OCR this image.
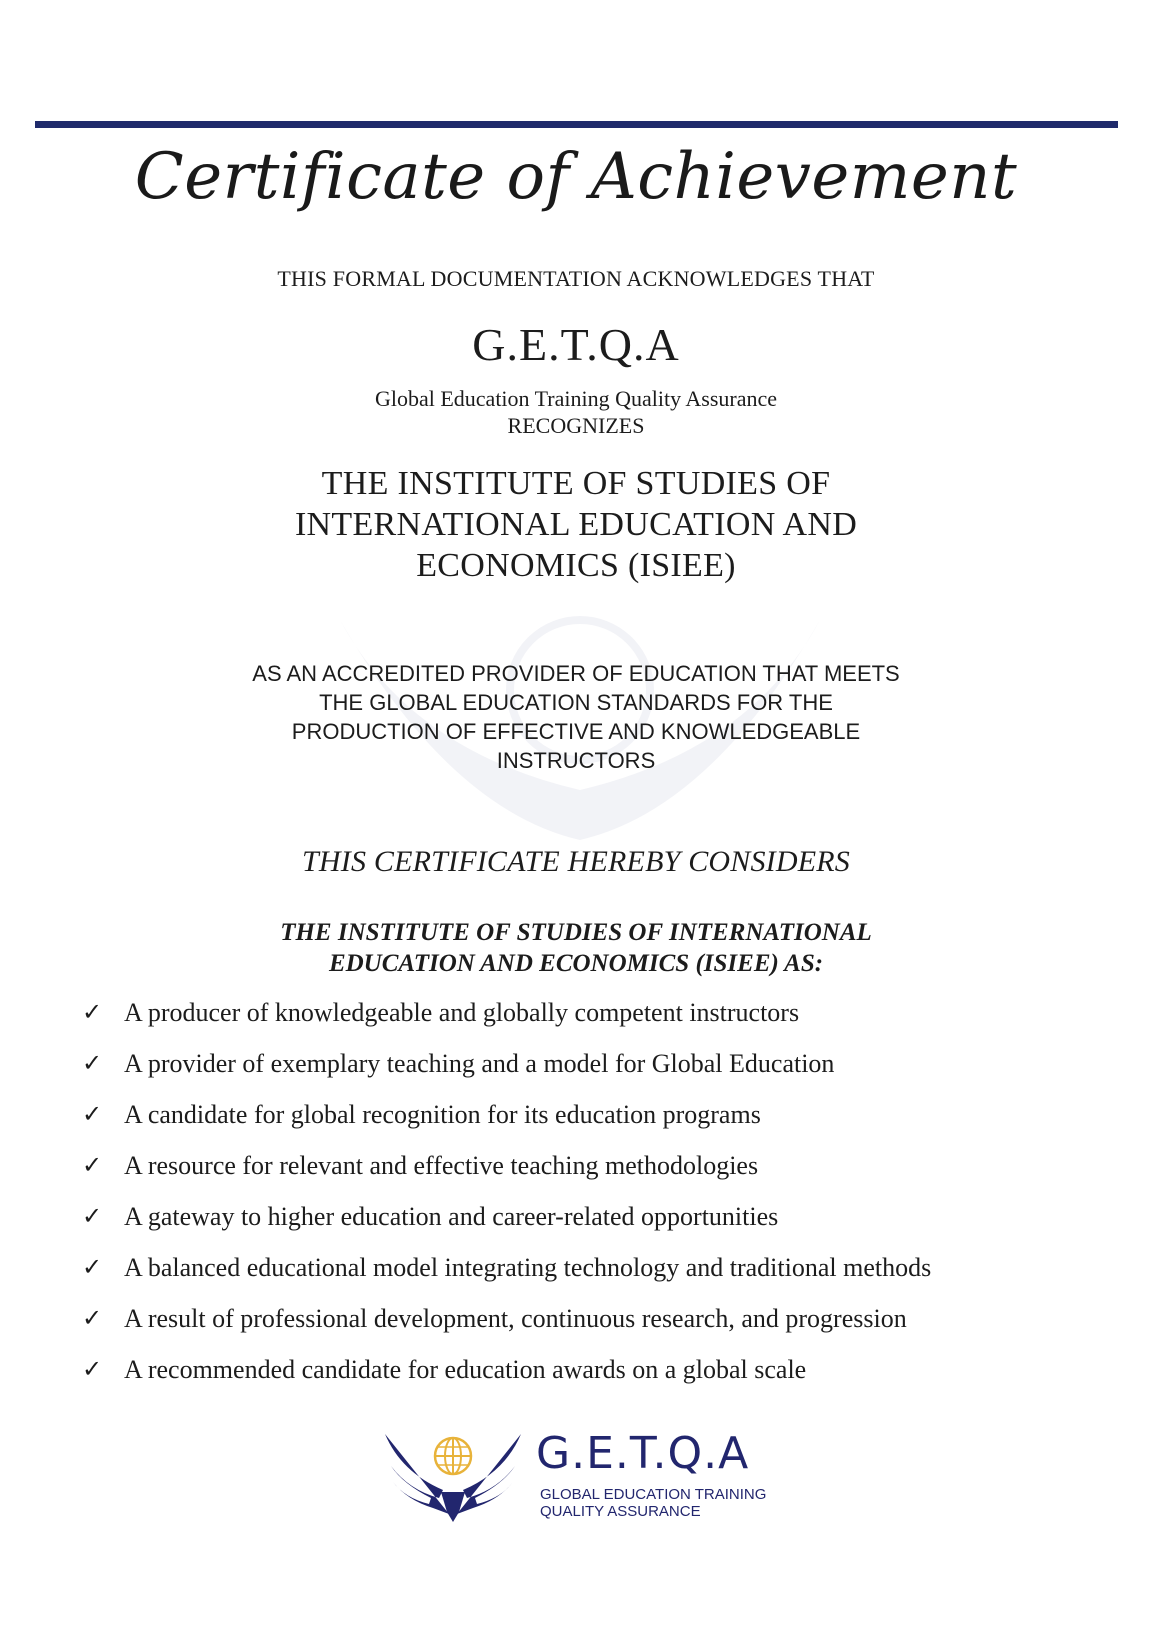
Certificate of Achievement
THIS FORMAL DOCUMENTATION ACKNOWLEDGES THAT
G.E.T.Q.A
Global Education Training Quality Assurance
RECOGNIZES
THE INSTITUTE OF STUDIES OF
INTERNATIONAL EDUCATION AND
ECONOMICS (ISIEE)
AS AN ACCREDITED PROVIDER OF EDUCATION THAT MEETS
THE GLOBAL EDUCATION STANDARDS FOR THE
PRODUCTION OF EFFECTIVE AND KNOWLEDGEABLE
INSTRUCTORS
THIS CERTIFICATE HEREBY CONSIDERS
THE INSTITUTE OF STUDIES OF INTERNATIONAL
EDUCATION AND ECONOMICS (ISIEE) AS:
✓ A producer of knowledgeable and globally competent instructors
✓ A provider of exemplary teaching and a model for Global Education
✓ A candidate for global recognition for its education programs
✓ A resource for relevant and effective teaching methodologies
✓ A gateway to higher education and career-related opportunities
✓ A balanced educational model integrating technology and traditional methods
✓ A result of professional development, continuous research, and progression
✓ A recommended candidate for education awards on a global scale
G.E.T.Q.A
GLOBAL EDUCATION TRAINING
QUALITY ASSURANCE
